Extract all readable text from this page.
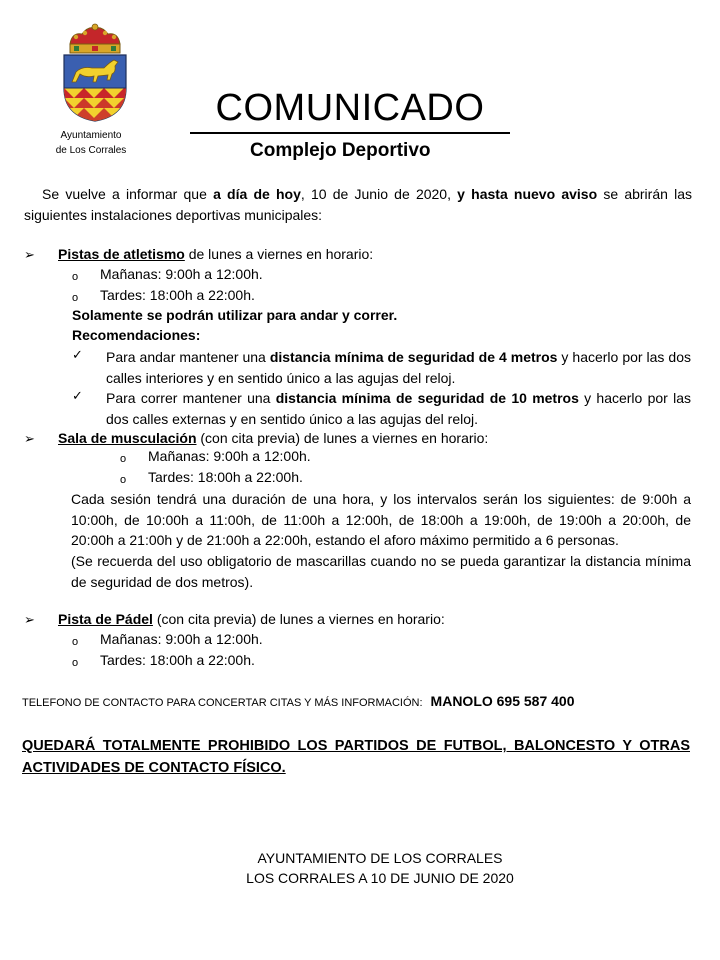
Ayuntamiento
de Los Corrales
COMUNICADO
Complejo Deportivo
Se vuelve a informar que a día de hoy, 10 de Junio de 2020, y hasta nuevo aviso se abrirán las siguientes instalaciones deportivas municipales:
➢ Pistas de atletismo de lunes a viernes en horario:
o Mañanas: 9:00h a 12:00h.
o Tardes: 18:00h a 22:00h.
Solamente se podrán utilizar para andar y correr.
Recomendaciones:
✓ Para andar mantener una distancia mínima de seguridad de 4 metros y hacerlo por las dos calles interiores y en sentido único a las agujas del reloj.
✓ Para correr mantener una distancia mínima de seguridad de 10 metros y hacerlo por las dos calles externas y en sentido único a las agujas del reloj.
➢ Sala de musculación (con cita previa) de lunes a viernes en horario:
o Mañanas: 9:00h a 12:00h.
o Tardes: 18:00h a 22:00h.
Cada sesión tendrá una duración de una hora, y los intervalos serán los siguientes: de 9:00h a 10:00h, de 10:00h a 11:00h, de 11:00h a 12:00h, de 18:00h a 19:00h, de 19:00h a 20:00h, de 20:00h a 21:00h y de 21:00h a 22:00h, estando el aforo máximo permitido a 6 personas.
(Se recuerda del uso obligatorio de mascarillas cuando no se pueda garantizar la distancia mínima de seguridad de dos metros).
➢ Pista de Pádel (con cita previa) de lunes a viernes en horario:
o Mañanas: 9:00h a 12:00h.
o Tardes: 18:00h a 22:00h.
TELEFONO DE CONTACTO PARA CONCERTAR CITAS Y MÁS INFORMACIÓN: MANOLO 695 587 400
QUEDARÁ TOTALMENTE PROHIBIDO LOS PARTIDOS DE FUTBOL, BALONCESTO Y OTRAS ACTIVIDADES DE CONTACTO FÍSICO.
AYUNTAMIENTO DE LOS CORRALES
LOS CORRALES A 10 DE JUNIO DE 2020
